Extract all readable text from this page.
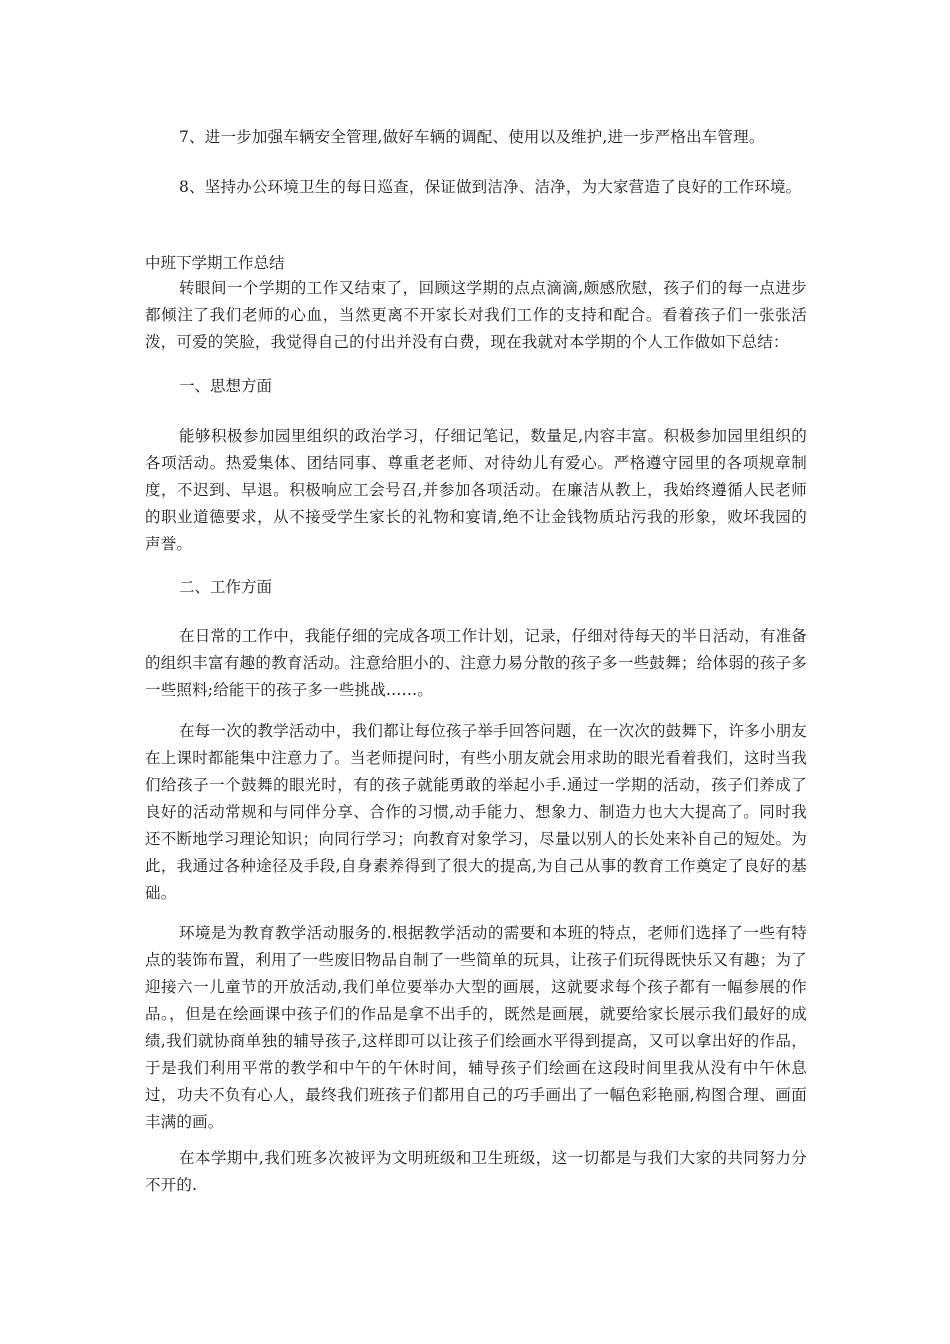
7、进一步加强车辆安全管理,做好车辆的调配、使用以及维护,进一步严格出车管理。
8、坚持办公环境卫生的每日巡查，保证做到洁净、洁净，为大家营造了良好的工作环境。
中班下学期工作总结
转眼间一个学期的工作又结束了，回顾这学期的点点滴滴,颇感欣慰，孩子们的每一点进步都倾注了我们老师的心血，当然更离不开家长对我们工作的支持和配合。看着孩子们一张张活泼，可爱的笑脸，我觉得自己的付出并没有白费，现在我就对本学期的个人工作做如下总结：
一、思想方面
能够积极参加园里组织的政治学习，仔细记笔记，数量足,内容丰富。积极参加园里组织的各项活动。热爱集体、团结同事、尊重老老师、对待幼儿有爱心。严格遵守园里的各项规章制度，不迟到、早退。积极响应工会号召,并参加各项活动。在廉洁从教上，我始终遵循人民老师的职业道德要求，从不接受学生家长的礼物和宴请,绝不让金钱物质玷污我的形象，败坏我园的声誉。
二、工作方面
在日常的工作中，我能仔细的完成各项工作计划，记录，仔细对待每天的半日活动，有准备的组织丰富有趣的教育活动。注意给胆小的、注意力易分散的孩子多一些鼓舞；给体弱的孩子多一些照料;给能干的孩子多一些挑战……。
在每一次的教学活动中，我们都让每位孩子举手回答问题，在一次次的鼓舞下，许多小朋友在上课时都能集中注意力了。当老师提问时，有些小朋友就会用求助的眼光看着我们，这时当我们给孩子一个鼓舞的眼光时，有的孩子就能勇敢的举起小手.通过一学期的活动，孩子们养成了良好的活动常规和与同伴分享、合作的习惯,动手能力、想象力、制造力也大大提高了。同时我还不断地学习理论知识；向同行学习；向教育对象学习，尽量以别人的长处来补自己的短处。为此，我通过各种途径及手段,自身素养得到了很大的提高,为自己从事的教育工作奠定了良好的基础。
环境是为教育教学活动服务的.根据教学活动的需要和本班的特点，老师们选择了一些有特点的装饰布置，利用了一些废旧物品自制了一些简单的玩具，让孩子们玩得既快乐又有趣；为了迎接六一儿童节的开放活动,我们单位要举办大型的画展，这就要求每个孩子都有一幅参展的作品。，但是在绘画课中孩子们的作品是拿不出手的，既然是画展，就要给家长展示我们最好的成绩,我们就协商单独的辅导孩子,这样即可以让孩子们绘画水平得到提高，又可以拿出好的作品，于是我们利用平常的教学和中午的午休时间，辅导孩子们绘画在这段时间里我从没有中午休息过，功夫不负有心人，最终我们班孩子们都用自己的巧手画出了一幅色彩艳丽,构图合理、画面丰满的画。
在本学期中,我们班多次被评为文明班级和卫生班级，这一切都是与我们大家的共同努力分不开的.
